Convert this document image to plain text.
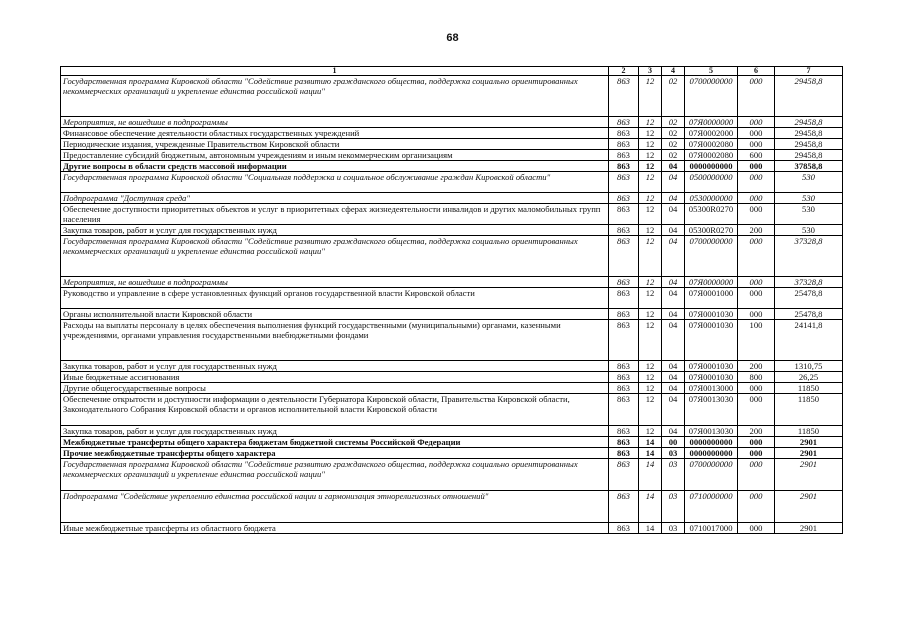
68
1	2	3	4	5	6	7
Государственная программа Кировской области "Содействие развитию гражданского общества, поддержка социально ориентированных некоммерческих организаций и укрепление единства российской нации"	863	12	02	0700000000	000	29458,8
Мероприятия, не вошедшие в подпрограммы	863	12	02	07Я0000000	000	29458,8
Финансовое обеспечение деятельности областных государственных учреждений	863	12	02	07Я0002000	000	29458,8
Периодические издания, учрежденные Правительством Кировской области	863	12	02	07Я0002080	000	29458,8
Предоставление субсидий бюджетным, автономным учреждениям и иным некоммерческим организациям	863	12	02	07Я0002080	600	29458,8
Другие вопросы в области средств массовой информации	863	12	04	0000000000	000	37858,8
Государственная программа Кировской области "Социальная поддержка и социальное обслуживание граждан Кировской области"	863	12	04	0500000000	000	530
Подпрограмма "Доступная среда"	863	12	04	0530000000	000	530
Обеспечение доступности приоритетных объектов и услуг в приоритетных сферах жизнедеятельности инвалидов и других маломобильных групп населения	863	12	04	05300R0270	000	530
Закупка товаров, работ и услуг для государственных нужд	863	12	04	05300R0270	200	530
Государственная программа Кировской области "Содействие развитию гражданского общества, поддержка социально ориентированных некоммерческих организаций и укрепление единства российской нации"	863	12	04	0700000000	000	37328,8
Мероприятия, не вошедшие в подпрограммы	863	12	04	07Я0000000	000	37328,8
Руководство и управление в сфере установленных функций органов государственной власти Кировской области	863	12	04	07Я0001000	000	25478,8
Органы исполнительной власти Кировской области	863	12	04	07Я0001030	000	25478,8
Расходы на выплаты персоналу в целях обеспечения выполнения функций государственными (муниципальными) органами, казенными учреждениями, органами управления государственными внебюджетными фондами	863	12	04	07Я0001030	100	24141,8
Закупка товаров, работ и услуг для государственных нужд	863	12	04	07Я0001030	200	1310,75
Иные бюджетные ассигнования	863	12	04	07Я0001030	800	26,25
Другие общегосударственные вопросы	863	12	04	07Я0013000	000	11850
Обеспечение открытости и доступности информации о деятельности Губернатора Кировской области, Правительства Кировской области, Законодательного Собрания Кировской области и органов исполнительной власти Кировской области	863	12	04	07Я0013030	000	11850
Закупка товаров, работ и услуг для государственных нужд	863	12	04	07Я0013030	200	11850
Межбюджетные трансферты общего характера бюджетам бюджетной системы Российской Федерации	863	14	00	0000000000	000	2901
Прочие межбюджетные трансферты общего характера	863	14	03	0000000000	000	2901
Государственная программа Кировской области "Содействие развитию гражданского общества, поддержка социально ориентированных некоммерческих организаций и укрепление единства российской нации"	863	14	03	0700000000	000	2901
Подпрограмма "Содействие укреплению единства российской нации и гармонизация этнорелигиозных отношений"	863	14	03	0710000000	000	2901
Иные межбюджетные трансферты из областного бюджета	863	14	03	0710017000	000	2901
